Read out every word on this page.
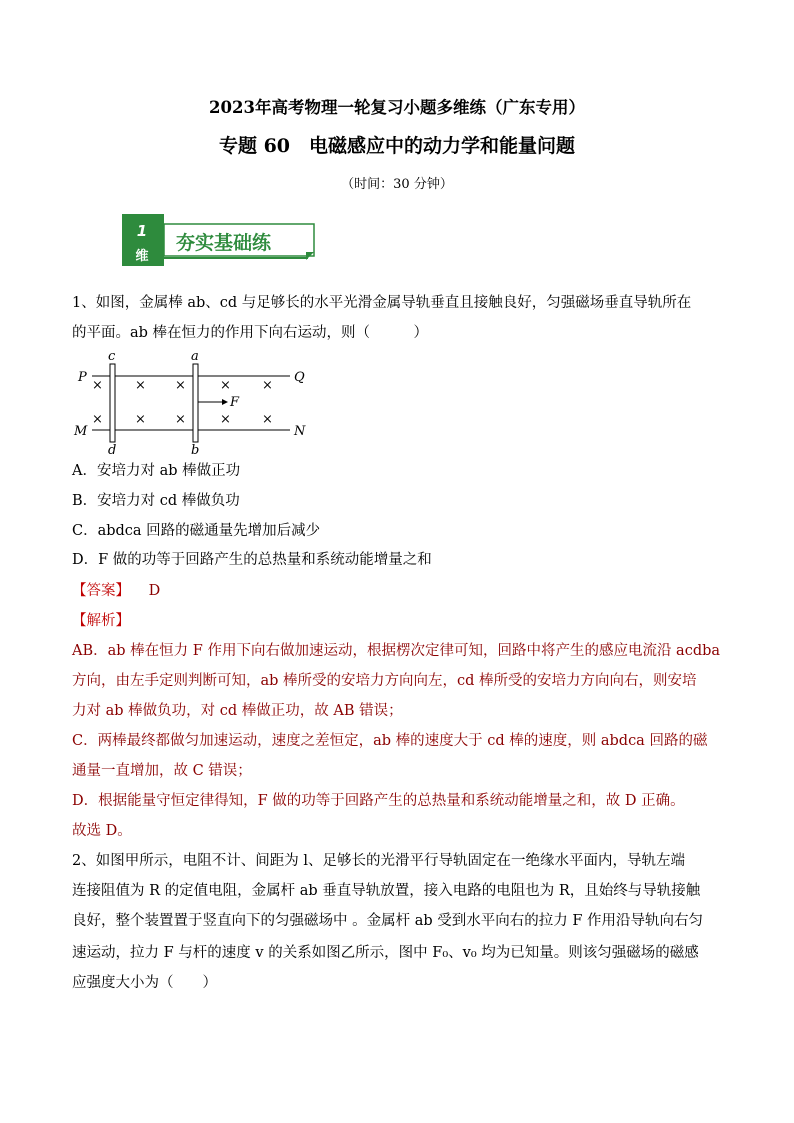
2023年高考物理一轮复习小题多维练（广东专用）
专题 60　电磁感应中的动力学和能量问题
（时间：30 分钟）
1
维
夯实基础练
1、如图，金属棒 ab、cd 与足够长的水平光滑金属导轨垂直且接触良好，匀强磁场垂直导轨所在
的平面。ab 棒在恒力的作用下向右运动，则（　　　）
P	Q
M	N
c
d
a
b
F
× × ×	× ×
× × ×	× ×
A．安培力对 ab 棒做正功
B．安培力对 cd 棒做负功
C．abdca 回路的磁通量先增加后减少
D．F 做的功等于回路产生的总热量和系统动能增量之和
【答案】 D
【解析】
AB．ab 棒在恒力 F 作用下向右做加速运动，根据楞次定律可知，回路中将产生的感应电流沿 acdba
方向，由左手定则判断可知，ab 棒所受的安培力方向向左，cd 棒所受的安培力方向向右，则安培
力对 ab 棒做负功，对 cd 棒做正功，故 AB 错误；
C．两棒最终都做匀加速运动，速度之差恒定，ab 棒的速度大于 cd 棒的速度，则 abdca 回路的磁
通量一直增加，故 C 错误；
D．根据能量守恒定律得知，F 做的功等于回路产生的总热量和系统动能增量之和，故 D 正确。
故选 D。
2、如图甲所示，电阻不计、间距为 l、足够长的光滑平行导轨固定在一绝缘水平面内，导轨左端
连接阻值为 R 的定值电阻，金属杆 ab 垂直导轨放置，接入电路的电阻也为 R，且始终与导轨接触
良好，整个装置置于竖直向下的匀强磁场中 。金属杆 ab 受到水平向右的拉力 F 作用沿导轨向右匀
速运动，拉力 F 与杆的速度 v 的关系如图乙所示，图中 F₀、v₀ 均为已知量。则该匀强磁场的磁感
应强度大小为（　　）
